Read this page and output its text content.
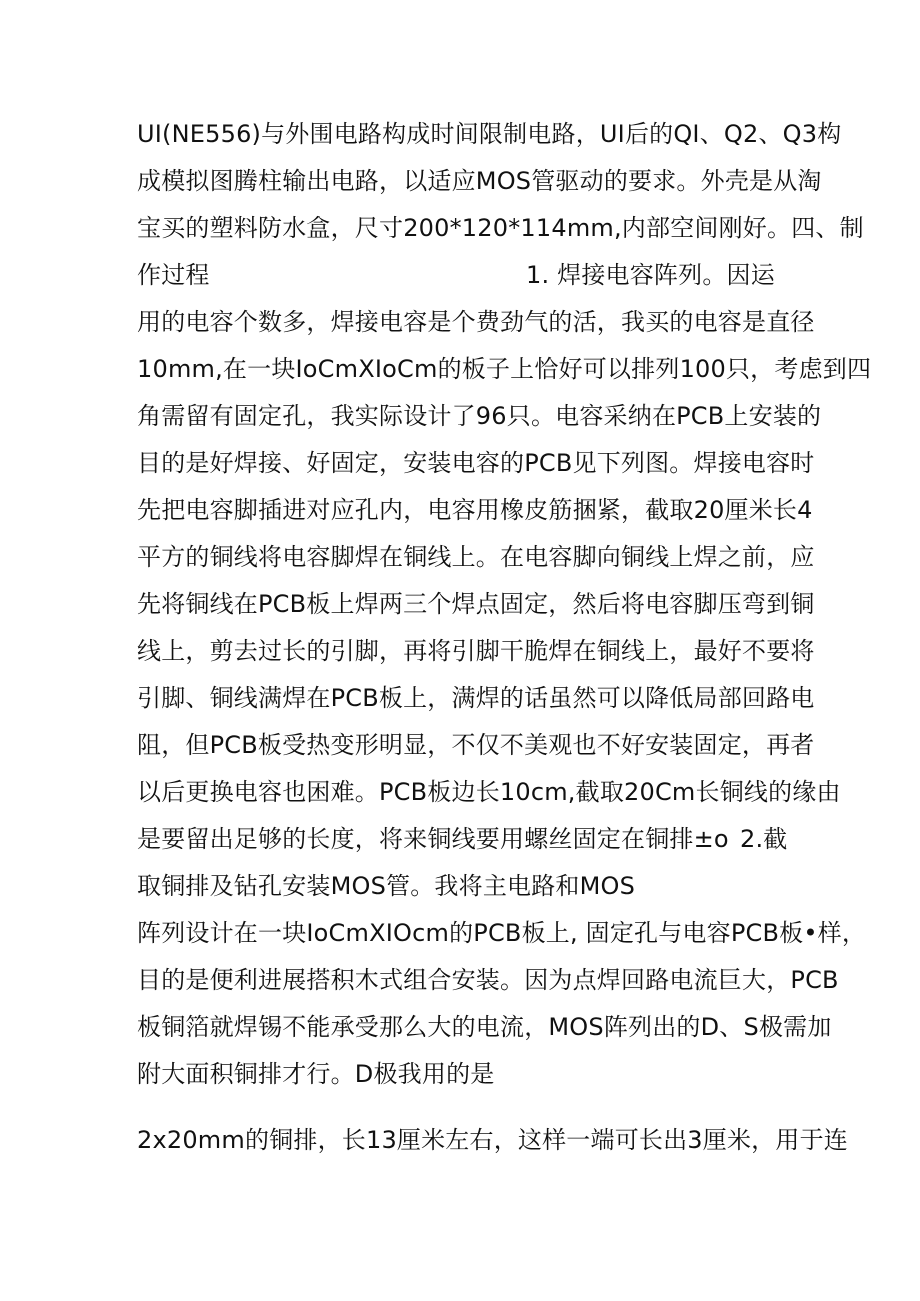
UI(NE556)与外围电路构成时间限制电路，UI后的QI、Q2、Q3构
成模拟图腾柱输出电路，以适应MOS管驱动的要求。外壳是从淘
宝买的塑料防水盒，尺寸200*120*114mm,内部空间刚好。四、制
作过程	1. 焊接电容阵列。因运
用的电容个数多，焊接电容是个费劲气的活，我买的电容是直径
10mm,在一块IoCmXIoCm的板子上恰好可以排列100只，考虑到四
角需留有固定孔，我实际设计了96只。电容采纳在PCB上安装的
目的是好焊接、好固定，安装电容的PCB见下列图。焊接电容时
先把电容脚插进对应孔内，电容用橡皮筋捆紧，截取20厘米长4
平方的铜线将电容脚焊在铜线上。在电容脚向铜线上焊之前，应
先将铜线在PCB板上焊两三个焊点固定，然后将电容脚压弯到铜
线上，剪去过长的引脚，再将引脚干脆焊在铜线上，最好不要将
引脚、铜线满焊在PCB板上，满焊的话虽然可以降低局部回路电
阻，但PCB板受热变形明显，不仅不美观也不好安装固定，再者
以后更换电容也困难。PCB板边长10cm,截取20Cm长铜线的缘由
是要留出足够的长度，将来铜线要用螺丝固定在铜排±o 2.截
取铜排及钻孔安装MOS管。我将主电路和MOS
阵列设计在一块IoCmXIOcm的PCB板上, 固定孔与电容PCB板•样，
目的是便利进展搭积木式组合安装。因为点焊回路电流巨大，PCB
板铜箔就焊锡不能承受那么大的电流，MOS阵列出的D、S极需加
附大面积铜排才行。D极我用的是
2x20mm的铜排，长13厘米左右，这样一端可长出3厘米，用于连
